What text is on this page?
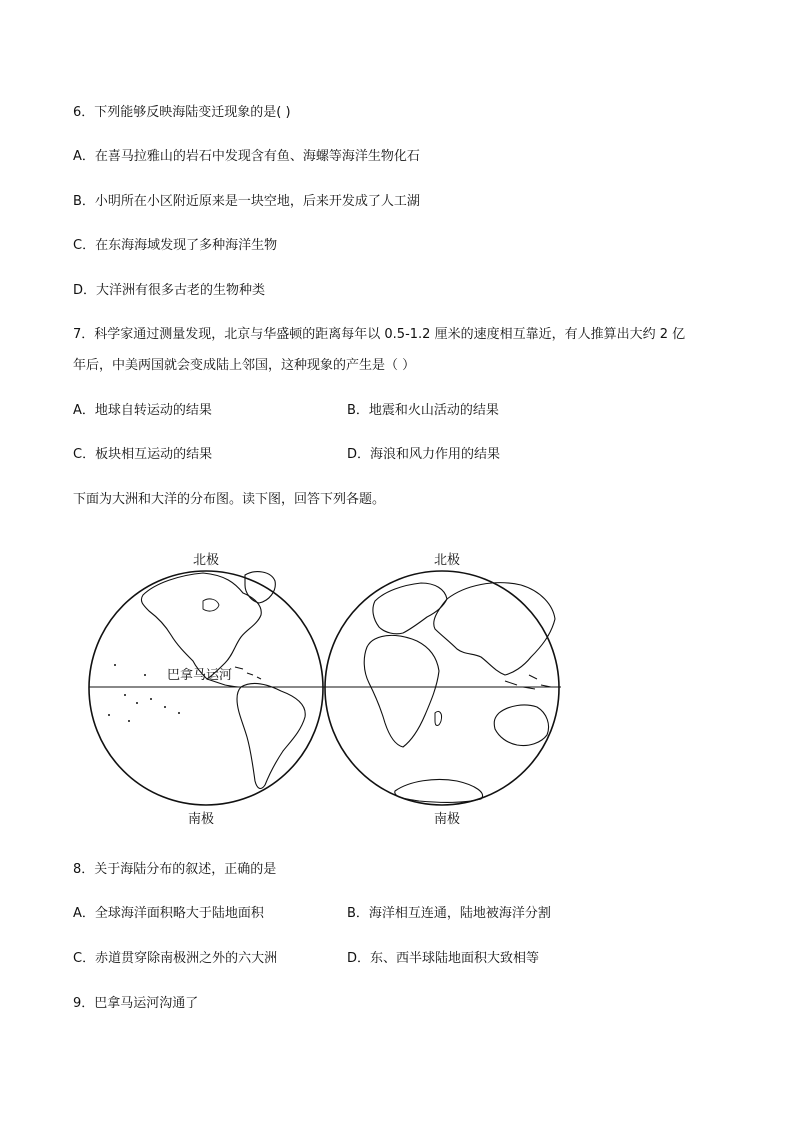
6．下列能够反映海陆变迁现象的是( )
A．在喜马拉雅山的岩石中发现含有鱼、海螺等海洋生物化石
B．小明所在小区附近原来是一块空地，后来开发成了人工湖
C．在东海海域发现了多种海洋生物
D．大洋洲有很多古老的生物种类
7．科学家通过测量发现，北京与华盛顿的距离每年以 0.5-1.2 厘米的速度相互靠近，有人推算出大约 2 亿
年后，中美两国就会变成陆上邻国，这种现象的产生是（ ）
A．地球自转运动的结果	B．地震和火山活动的结果
C．板块相互运动的结果	D．海浪和风力作用的结果
下面为大洲和大洋的分布图。读下图，回答下列各题。
北极	北极
南极	南极
巴拿马运河
8．关于海陆分布的叙述，正确的是
A．全球海洋面积略大于陆地面积	B．海洋相互连通，陆地被海洋分割
C．赤道贯穿除南极洲之外的六大洲	D．东、西半球陆地面积大致相等
9．巴拿马运河沟通了
